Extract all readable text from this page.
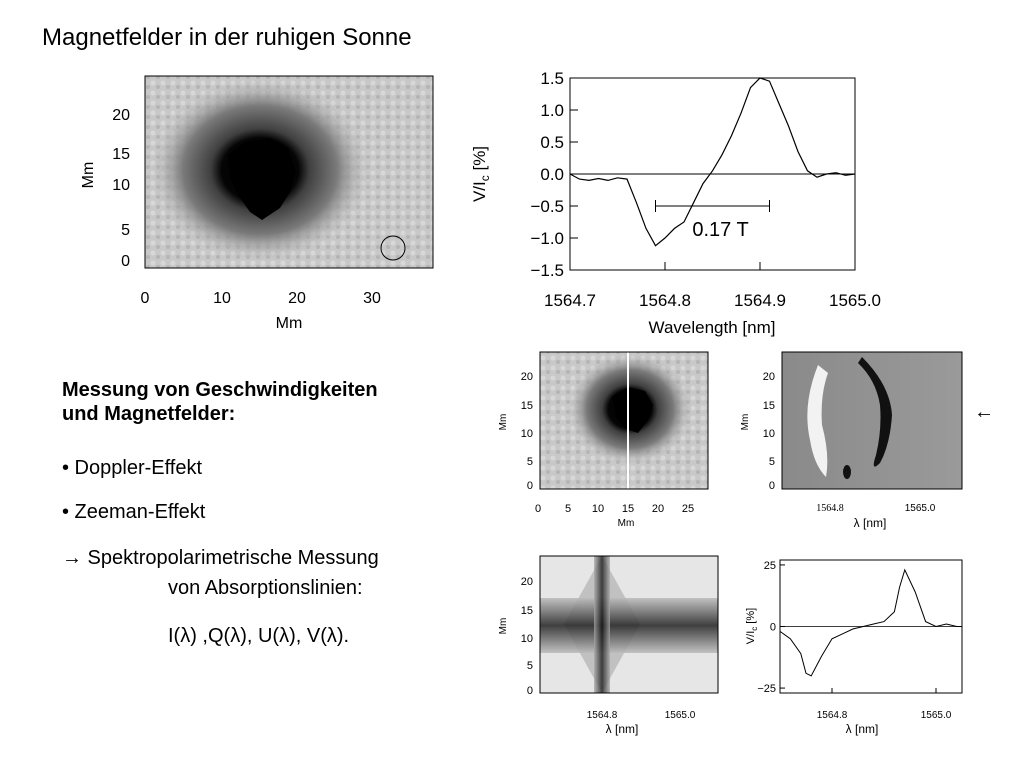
Magnetfelder in der ruhigen Sonne
Messung von Geschwindigkeiten
und Magnetfelder:
• Doppler-Effekt
• Zeeman-Effekt
→ Spektropolarimetrische Messung
von Absorptionslinien:
I(λ) ,Q(λ), U(λ), V(λ).
0	10	20	30
Mm
0
5
10
15
20
Mm
1.5
1.0
0.5
0.0
−0.5
−1.0
−1.5
1564.7	1564.8	1564.9	1565.0
0.17 T
$V/I_c$ [%]
Wavelength [nm]
0 5 10 15 20 25
Mm
0
5
10
15
20
Mm
1564.8	1565.0
λ [nm]
0
5
10
15
20
Mm	←
1564.8	1565.0
λ [nm]
0
5
10
15
20
Mm
25
0
−25
1564.8	1565.0
$V/I_c$ [%]
λ [nm]
